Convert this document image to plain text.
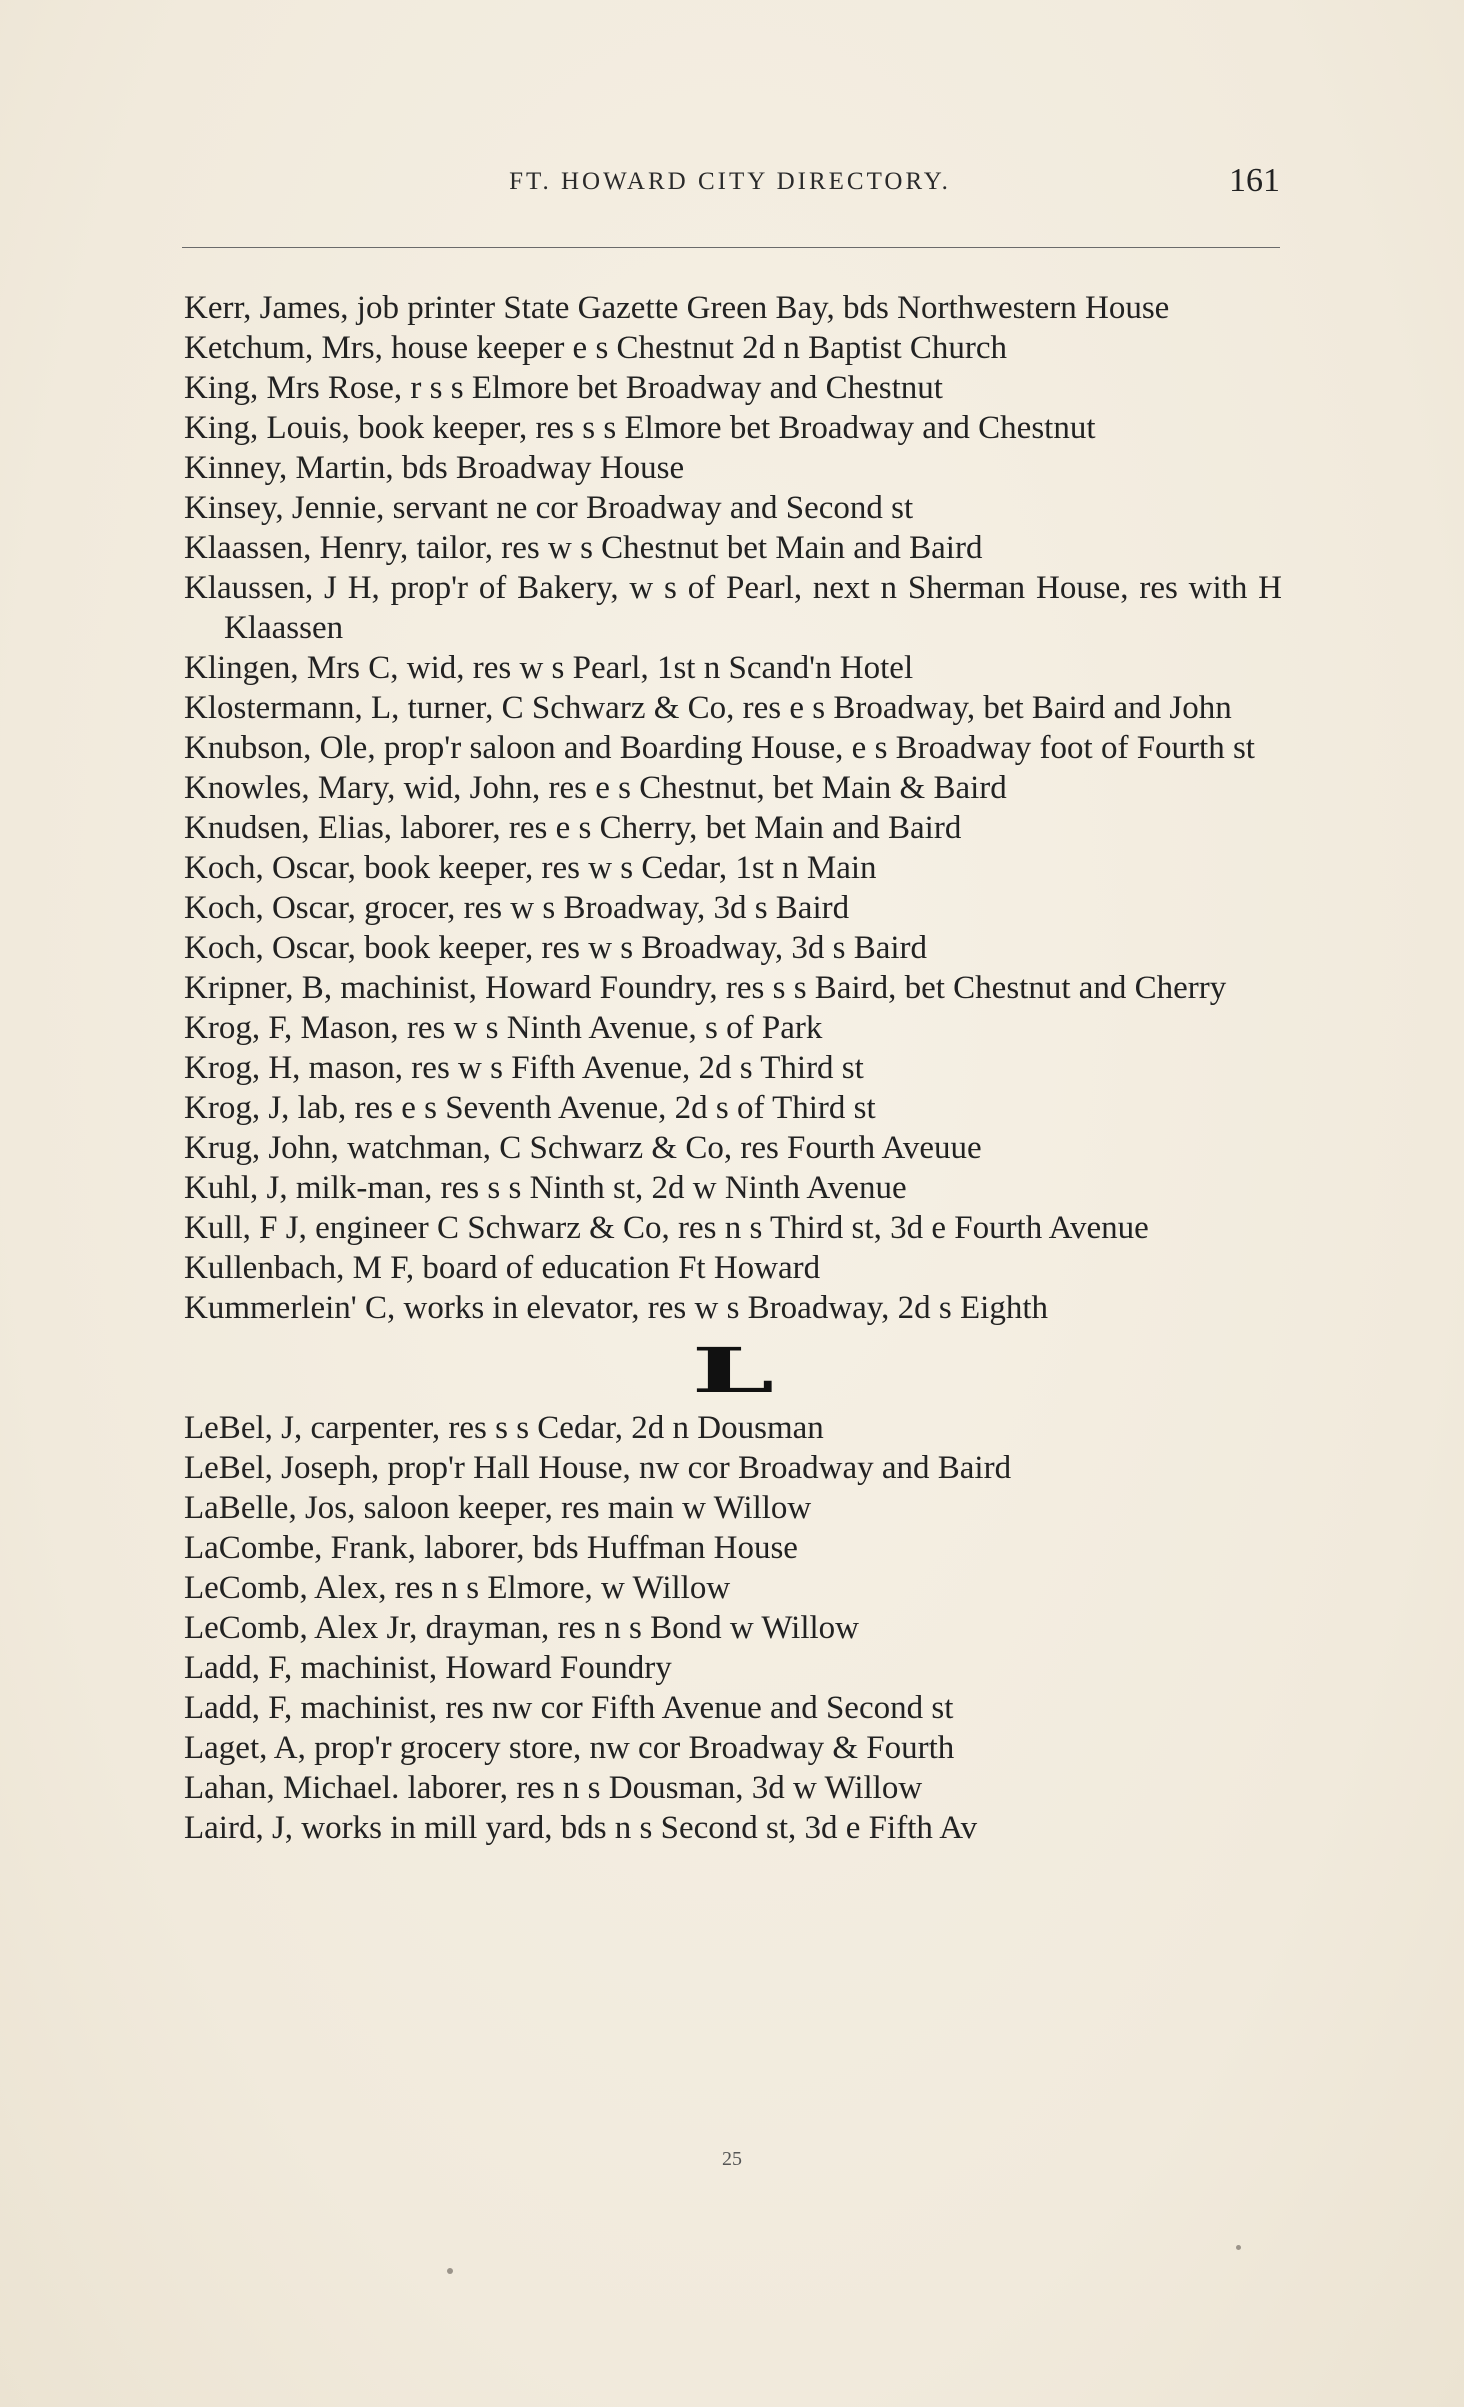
FT. HOWARD CITY DIRECTORY.	161
Kerr, James, job printer State Gazette Green Bay, bds Northwestern House
Ketchum, Mrs, house keeper e s Chestnut 2d n Baptist Church
King, Mrs Rose, r s s Elmore bet Broadway and Chestnut
King, Louis, book keeper, res s s Elmore bet Broadway and Chestnut
Kinney, Martin, bds Broadway House
Kinsey, Jennie, servant ne cor Broadway and Second st
Klaassen, Henry, tailor, res w s Chestnut bet Main and Baird
Klaussen, J H, prop'r of Bakery, w s of Pearl, next n Sherman House, res with H Klaassen
Klingen, Mrs C, wid, res w s Pearl, 1st n Scand'n Hotel
Klostermann, L, turner, C Schwarz & Co, res e s Broadway, bet Baird and John
Knubson, Ole, prop'r saloon and Boarding House, e s Broadway foot of Fourth st
Knowles, Mary, wid, John, res e s Chestnut, bet Main & Baird
Knudsen, Elias, laborer, res e s Cherry, bet Main and Baird
Koch, Oscar, book keeper, res w s Cedar, 1st n Main
Koch, Oscar, grocer, res w s Broadway, 3d s Baird
Koch, Oscar, book keeper, res w s Broadway, 3d s Baird
Kripner, B, machinist, Howard Foundry, res s s Baird, bet Chestnut and Cherry
Krog, F, Mason, res w s Ninth Avenue, s of Park
Krog, H, mason, res w s Fifth Avenue, 2d s Third st
Krog, J, lab, res e s Seventh Avenue, 2d s of Third st
Krug, John, watchman, C Schwarz & Co, res Fourth Aveuue
Kuhl, J, milk-man, res s s Ninth st, 2d w Ninth Avenue
Kull, F J, engineer C Schwarz & Co, res n s Third st, 3d e Fourth Avenue
Kullenbach, M F, board of education Ft Howard
Kummerlein' C, works in elevator, res w s Broadway, 2d s Eighth
L
LeBel, J, carpenter, res s s Cedar, 2d n Dousman
LeBel, Joseph, prop'r Hall House, nw cor Broadway and Baird
LaBelle, Jos, saloon keeper, res main w Willow
LaCombe, Frank, laborer, bds Huffman House
LeComb, Alex, res n s Elmore, w Willow
LeComb, Alex Jr, drayman, res n s Bond w Willow
Ladd, F, machinist, Howard Foundry
Ladd, F, machinist, res nw cor Fifth Avenue and Second st
Laget, A, prop'r grocery store, nw cor Broadway & Fourth
Lahan, Michael. laborer, res n s Dousman, 3d w Willow
Laird, J, works in mill yard, bds n s Second st, 3d e Fifth Av
25
